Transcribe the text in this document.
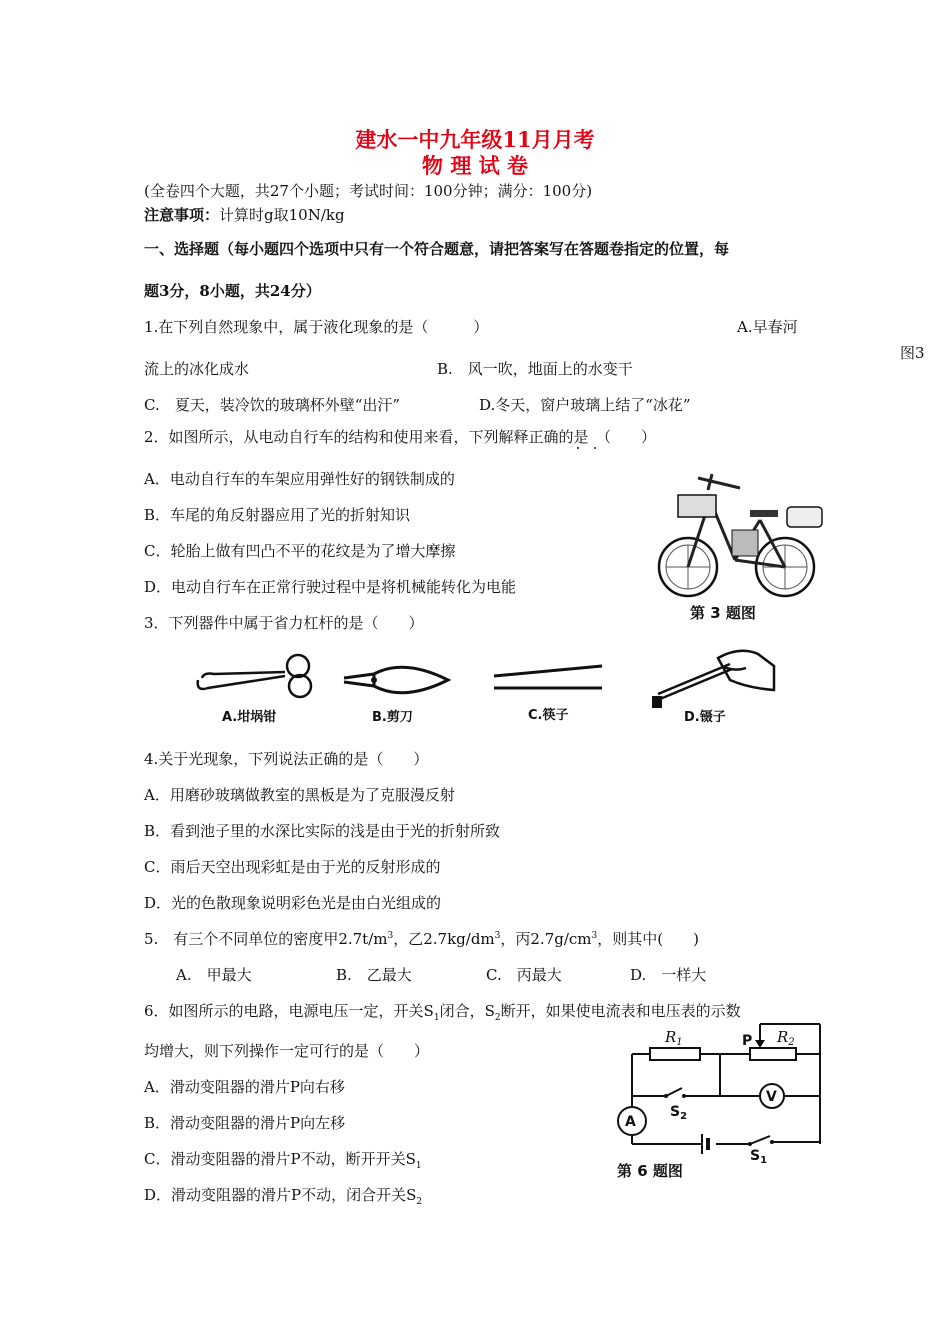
建水一中九年级11月月考
物 理 试 卷
(全卷四个大题，共27个小题；考试时间：100分钟；满分：100分)
注意事项：计算时g取10N/kg
一、选择题（每小题四个选项中只有一个符合题意，请把答案写在答题卷指定的位置，每
题3分，8小题，共24分）
图3
1.在下列自然现象中，属于液化现象的是（　　　）	A.早春河
流上的冰化成水	B.　风一吹，地面上的水变干
C.　夏天，装冷饮的玻璃杯外壁“出汗”	D.冬天，窗户玻璃上结了“冰花”
2．如图所示，从电动自行车的结构和使用来看，下列解释正确的是　（　　）
A．电动自行车的车架应用弹性好的钢铁制成的
B．车尾的角反射器应用了光的折射知识
C．轮胎上做有凹凸不平的花纹是为了增大摩擦
D．电动自行车在正常行驶过程中是将机械能转化为电能
第 3 题图
3．下列器件中属于省力杠杆的是（　　）
A.坩埚钳	B.剪刀	C.筷子	D.镊子
4.关于光现象，下列说法正确的是（　　）
A．用磨砂玻璃做教室的黑板是为了克服漫反射
B．看到池子里的水深比实际的浅是由于光的折射所致
C．雨后天空出现彩虹是由于光的反射形成的
D．光的色散现象说明彩色光是由白光组成的
5.　有三个不同单位的密度甲$2.7t/m^3$，乙$2.7kg/dm^3$，丙$2.7g/cm^3$，则其中(　　)
A.　甲最大	B.　乙最大	C.　丙最大	D.　一样大
6．如图所示的电路，电源电压一定，开关$S_1$闭合，$S_2$断开，如果使电流表和电压表的示数
均增大，则下列操作一定可行的是（　　）
A．滑动变阻器的滑片P向右移
B．滑动变阻器的滑片P向左移
C．滑动变阻器的滑片P不动，断开开关$S_1$
D．滑动变阻器的滑片P不动，闭合开关$S_2$
$R_1$	$R_2$
P
A
V
$S_2$
$S_1$
第 6 题图
